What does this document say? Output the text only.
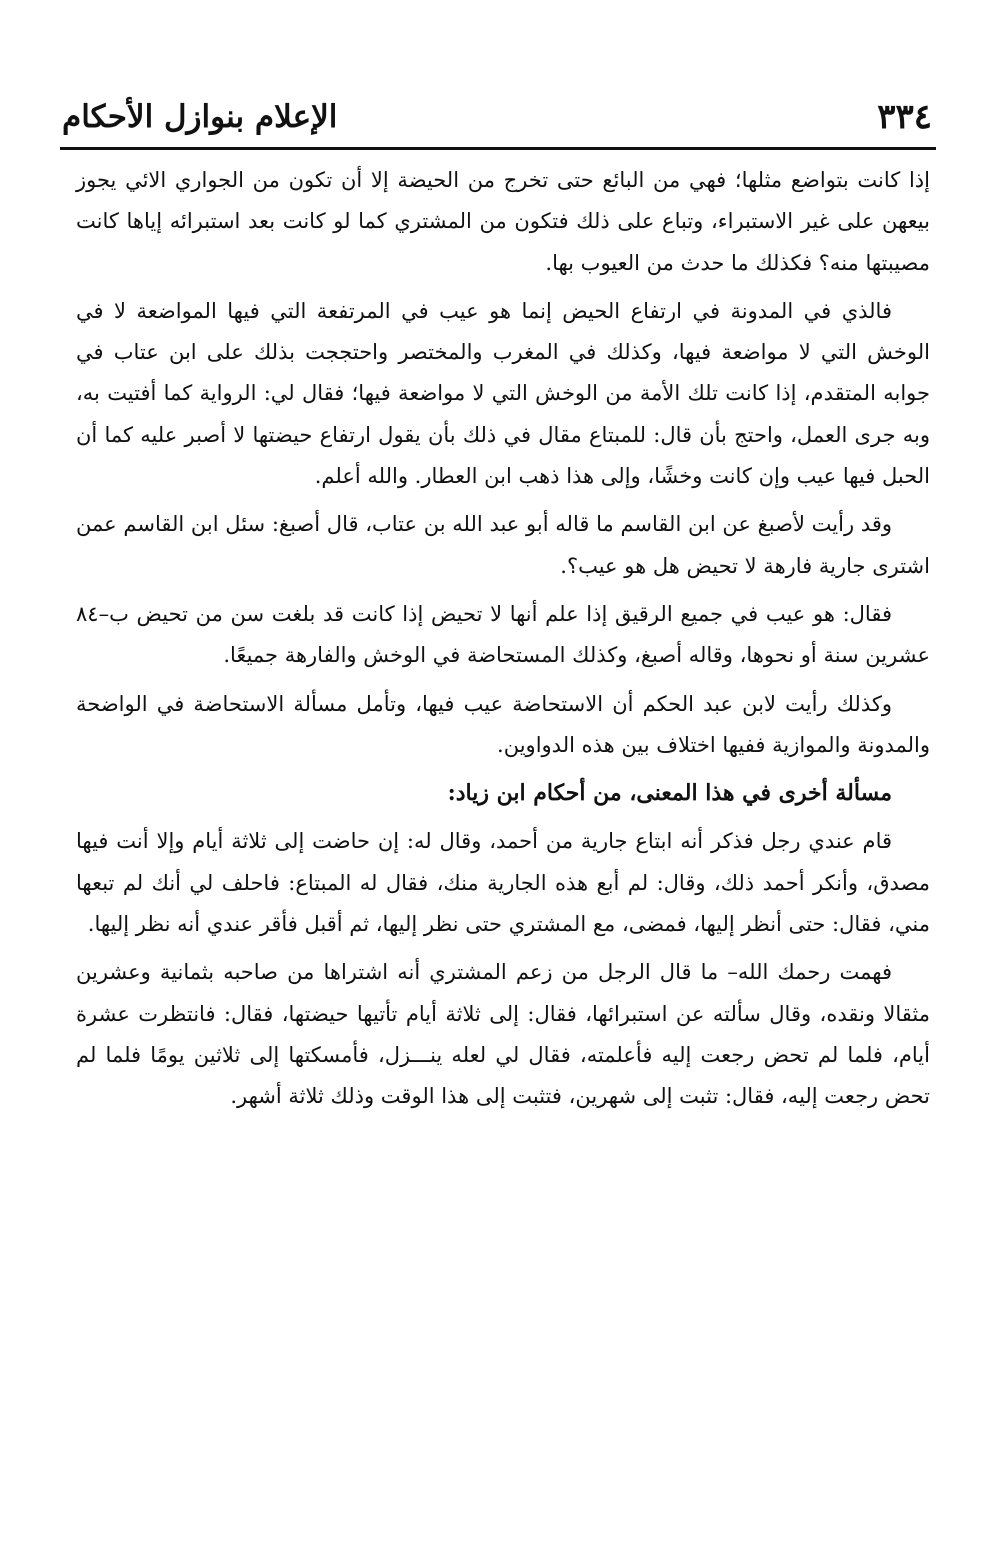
٣٣٤
الإعلام بنوازل الأحكام

إذا كانت بتواضع مثلها؛ فهي من البائع حتى تخرج من الحيضة إلا أن تكون من الجواري الائي يجوز بيعهن على غير الاستبراء، وتباع على ذلك فتكون من المشتري كما لو كانت بعد استبرائه إياها كانت مصيبتها منه؟ فكذلك ما حدث من العيوب بها.

فالذي في المدونة في ارتفاع الحيض إنما هو عيب في المرتفعة التي فيها المواضعة لا في الوخش التي لا مواضعة فيها، وكذلك في المغرب والمختصر واحتججت بذلك على ابن عتاب في جوابه المتقدم، إذا كانت تلك الأمة من الوخش التي لا مواضعة فيها؛ فقال لي: الرواية كما أفتيت به، وبه جرى العمل، واحتج بأن قال: للمبتاع مقال في ذلك بأن يقول ارتفاع حيضتها لا أصبر عليه كما أن الحبل فيها عيب وإن كانت وخشًا، وإلى هذا ذهب ابن العطار. والله أعلم.

وقد رأيت لأصبغ عن ابن القاسم ما قاله أبو عبد الله بن عتاب، قال أصبغ: سئل ابن القاسم عمن اشترى جارية فارهة لا تحيض هل هو عيب؟.

فقال: هو عيب في جميع الرقيق إذا علم أنها لا تحيض إذا كانت قد بلغت سن من تحيض ب–٨٤ عشرين سنة أو نحوها، وقاله أصبغ، وكذلك المستحاضة في الوخش والفارهة جميعًا.

وكذلك رأيت لابن عبد الحكم أن الاستحاضة عيب فيها، وتأمل مسألة الاستحاضة في الواضحة والمدونة والموازية ففيها اختلاف بين هذه الدواوين.

مسألة أخرى في هذا المعنى، من أحكام ابن زياد:

قام عندي رجل فذكر أنه ابتاع جارية من أحمد، وقال له: إن حاضت إلى ثلاثة أيام وإلا أنت فيها مصدق، وأنكر أحمد ذلك، وقال: لم أبع هذه الجارية منك، فقال له المبتاع: فاحلف لي أنك لم تبعها مني، فقال: حتى أنظر إليها، فمضى، مع المشتري حتى نظر إليها، ثم أقبل فأقر عندي أنه نظر إليها.

فهمت رحمك الله– ما قال الرجل من زعم المشتري أنه اشتراها من صاحبه بثمانية وعشرين مثقالا ونقده، وقال سألته عن استبرائها، فقال: إلى ثلاثة أيام تأتيها حيضتها، فقال: فانتظرت عشرة أيام، فلما لم تحض رجعت إليه فأعلمته، فقال لي لعله ينـــزل، فأمسكتها إلى ثلاثين يومًا فلما لم تحض رجعت إليه، فقال: تثبت إلى شهرين، فتثبت إلى هذا الوقت وذلك ثلاثة أشهر.
